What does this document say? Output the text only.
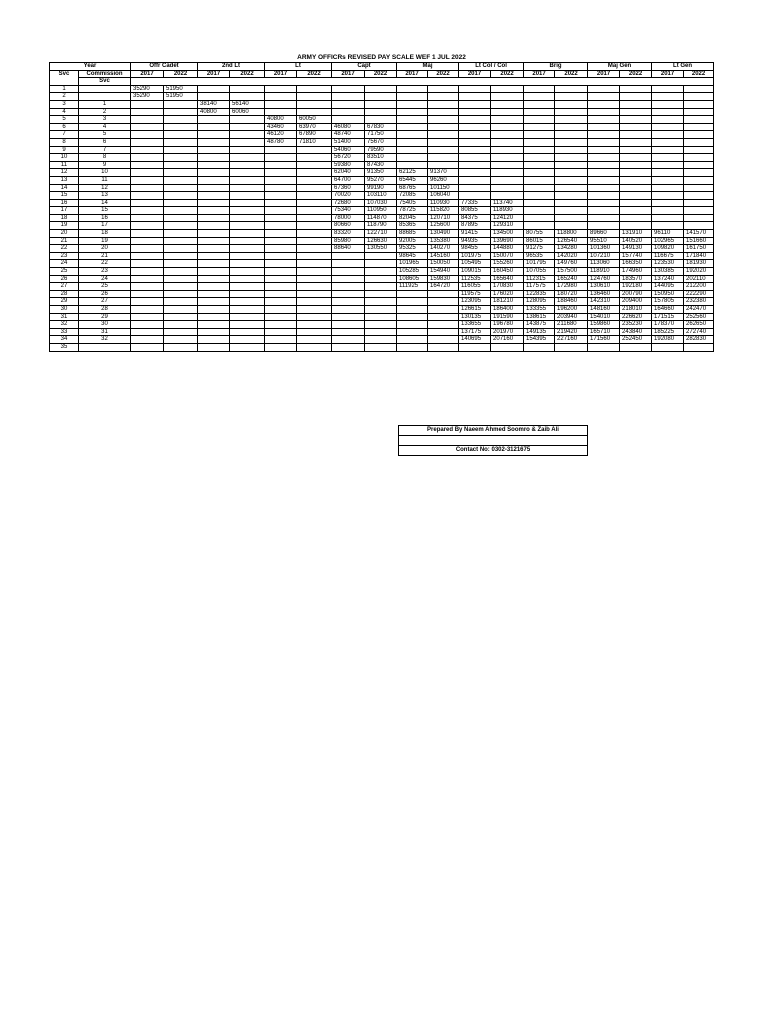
ARMY OFFICRs REVISED PAY SCALE WEF 1 JUL 2022
Year		Offr Cadet		2nd Lt		Lt		Capt		Maj		Lt Col / Col		Brig		Maj Gen		Lt Gen	
Svc	Commission	2017	2022	2017	2022	2017	2022	2017	2022	2017	2022	2017	2022	2017	2022	2017	2022	2017	2022
	Svc																		
1		35290	51950																
2		35290	51950																
3	1			38140	56140														
4	2			40800	60060														
5	3					40800	60050												
6	4					43460	63970	46080	67830										
7	5					46120	67890	48740	71750										
8	6					48780	71810	51400	75670										
9	7							54060	79590										
10	8							56720	83510										
11	9							59380	87430										
12	10							62040	91350	62125	91370								
13	11							64700	95270	65445	96260								
14	12							67360	99190	68765	101150								
15	13							70020	103110	72085	106040								
16	14							72680	107030	75405	110930	77335	113740						
17	15							75340	110950	78725	115820	80855	118930						
18	16							78000	114870	82045	120710	84375	124120						
19	17							80660	118790	85365	125600	87895	129310						
20	18							83320	122710	88685	130490	91415	134500	80755	118800	89660	131910	96110	141570
21	19							85980	126630	92005	135380	94935	139690	86015	126540	95510	140520	102965	151660
22	20							88640	130550	95325	140270	98455	144880	91275	134280	101360	149130	109820	161750
23	21									98645	145160	101975	150070	96535	142020	107210	157740	116675	171840
24	22									101965	150050	105495	155260	101795	149760	113060	166350	123530	181930
25	23									105285	154940	109015	160450	107055	157500	118910	174960	130385	192020
26	24									108605	159830	112535	165640	112315	165240	124760	183570	137240	202110
27	25									111925	164720	116055	170830	117575	172980	130610	192180	144095	212200
28	26											119575	176020	122835	180720	136460	200790	150950	222290
29	27											123095	181210	128095	188460	142310	209400	157805	232380
30	28											126615	186400	133355	196200	148160	218010	164660	242470
31	29											130135	191590	138615	203940	154010	226620	171515	252560
32	30											133655	196780	143875	211680	159860	235230	178370	262650
33	31											137175	201970	149135	219420	165710	243840	185225	272740
34	32											140695	207160	154395	227160	171560	252450	192080	282830
35																			
Prepared By Naeem Ahmed Soomro & Zaib Ali

Contact No: 0302-3121675
